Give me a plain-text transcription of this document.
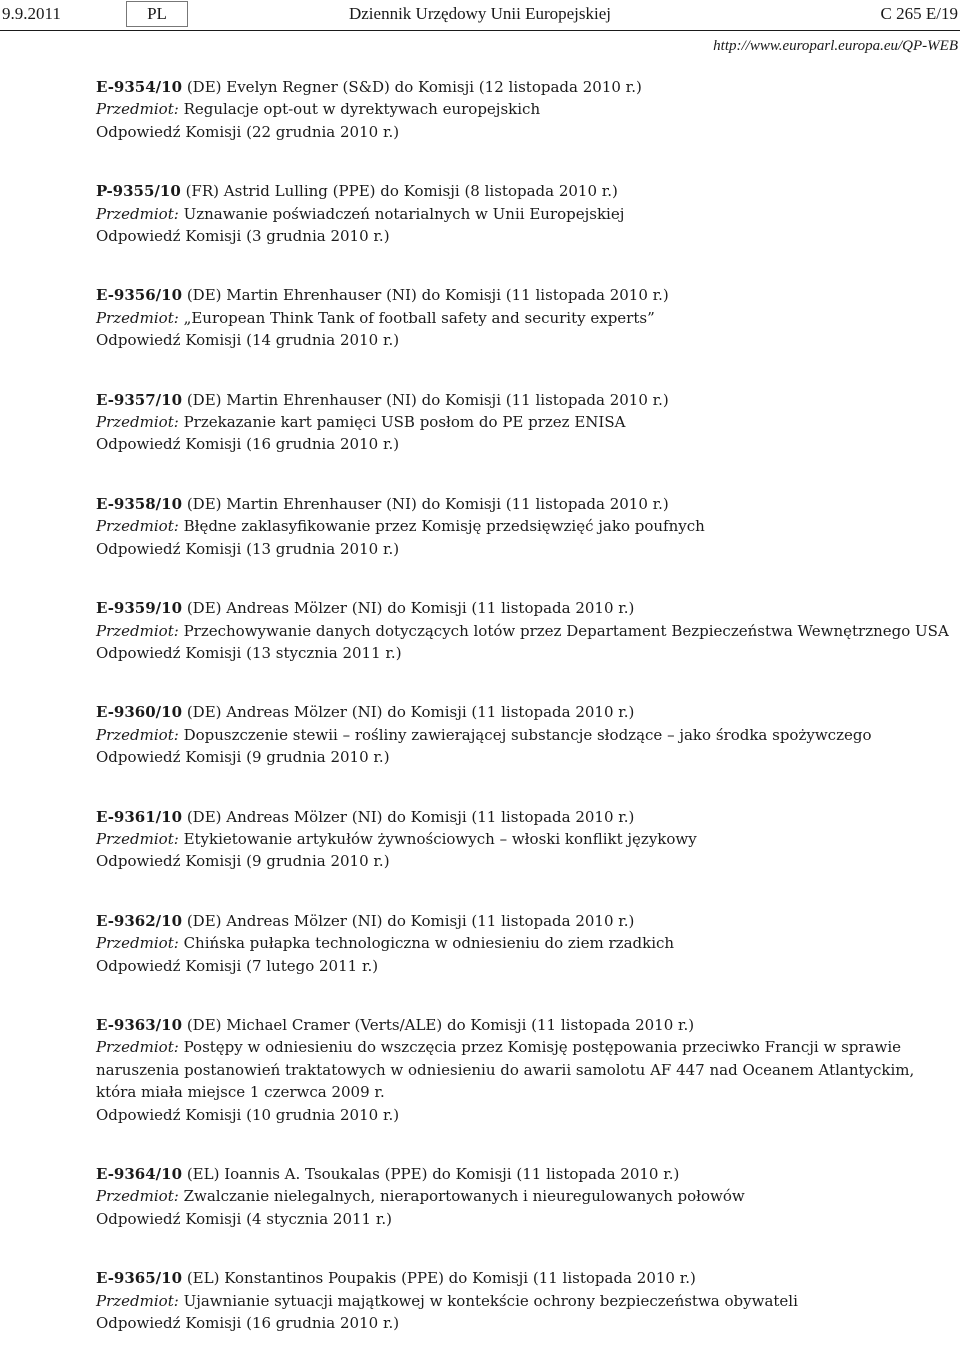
9.9.2011	PL	Dziennik Urzędowy Unii Europejskiej	C 265 E/19
http://www.europarl.europa.eu/QP-WEB
E-9354/10 (DE) Evelyn Regner (S&D) do Komisji (12 listopada 2010 r.)
Przedmiot: Regulacje opt-out w dyrektywach europejskich
Odpowiedź Komisji (22 grudnia 2010 r.)
P-9355/10 (FR) Astrid Lulling (PPE) do Komisji (8 listopada 2010 r.)
Przedmiot: Uznawanie poświadczeń notarialnych w Unii Europejskiej
Odpowiedź Komisji (3 grudnia 2010 r.)
E-9356/10 (DE) Martin Ehrenhauser (NI) do Komisji (11 listopada 2010 r.)
Przedmiot: „European Think Tank of football safety and security experts”
Odpowiedź Komisji (14 grudnia 2010 r.)
E-9357/10 (DE) Martin Ehrenhauser (NI) do Komisji (11 listopada 2010 r.)
Przedmiot: Przekazanie kart pamięci USB posłom do PE przez ENISA
Odpowiedź Komisji (16 grudnia 2010 r.)
E-9358/10 (DE) Martin Ehrenhauser (NI) do Komisji (11 listopada 2010 r.)
Przedmiot: Błędne zaklasyfikowanie przez Komisję przedsięwzięć jako poufnych
Odpowiedź Komisji (13 grudnia 2010 r.)
E-9359/10 (DE) Andreas Mölzer (NI) do Komisji (11 listopada 2010 r.)
Przedmiot: Przechowywanie danych dotyczących lotów przez Departament Bezpieczeństwa Wewnętrznego USA
Odpowiedź Komisji (13 stycznia 2011 r.)
E-9360/10 (DE) Andreas Mölzer (NI) do Komisji (11 listopada 2010 r.)
Przedmiot: Dopuszczenie stewii – rośliny zawierającej substancje słodzące – jako środka spożywczego
Odpowiedź Komisji (9 grudnia 2010 r.)
E-9361/10 (DE) Andreas Mölzer (NI) do Komisji (11 listopada 2010 r.)
Przedmiot: Etykietowanie artykułów żywnościowych – włoski konflikt językowy
Odpowiedź Komisji (9 grudnia 2010 r.)
E-9362/10 (DE) Andreas Mölzer (NI) do Komisji (11 listopada 2010 r.)
Przedmiot: Chińska pułapka technologiczna w odniesieniu do ziem rzadkich
Odpowiedź Komisji (7 lutego 2011 r.)
E-9363/10 (DE) Michael Cramer (Verts/ALE) do Komisji (11 listopada 2010 r.)
Przedmiot: Postępy w odniesieniu do wszczęcia przez Komisję postępowania przeciwko Francji w sprawie naruszenia postanowień traktatowych w odniesieniu do awarii samolotu AF 447 nad Oceanem Atlantyckim, która miała miejsce 1 czerwca 2009 r.
Odpowiedź Komisji (10 grudnia 2010 r.)
E-9364/10 (EL) Ioannis A. Tsoukalas (PPE) do Komisji (11 listopada 2010 r.)
Przedmiot: Zwalczanie nielegalnych, nieraportowanych i nieuregulowanych połowów
Odpowiedź Komisji (4 stycznia 2011 r.)
E-9365/10 (EL) Konstantinos Poupakis (PPE) do Komisji (11 listopada 2010 r.)
Przedmiot: Ujawnianie sytuacji majątkowej w kontekście ochrony bezpieczeństwa obywateli
Odpowiedź Komisji (16 grudnia 2010 r.)
